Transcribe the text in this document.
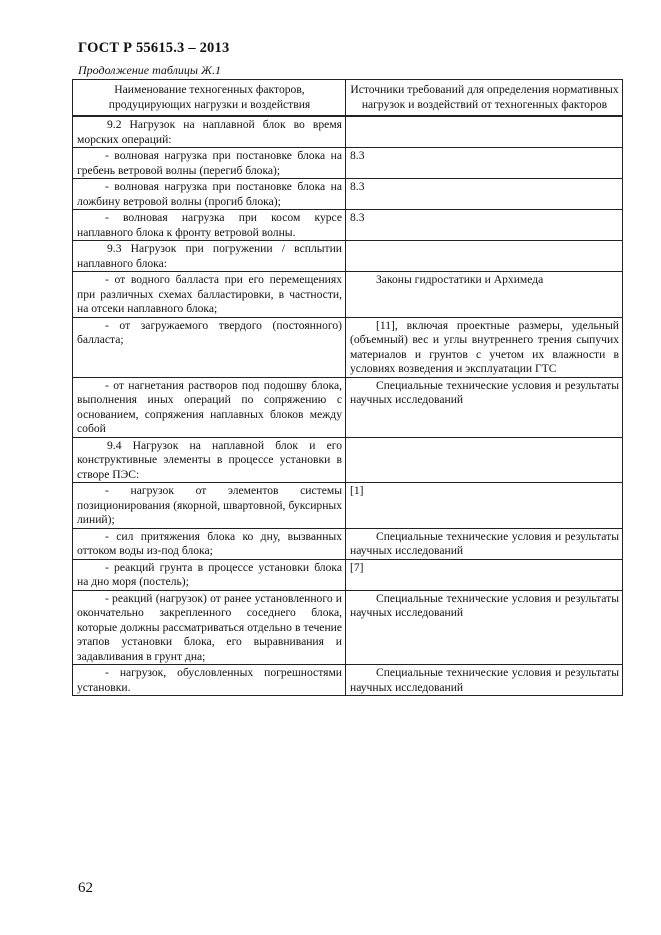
ГОСТ Р 55615.3 – 2013
Продолжение таблицы Ж.1
Наименование техногенных факторов, продуцирующих нагрузки и воздействия	Источники требований для определения нормативных нагрузок и воздействий от техногенных факторов
9.2 Нагрузок на наплавной блок во время морских операций:	
- волновая нагрузка при постановке блока на гребень ветровой волны (перегиб блока);	8.3
- волновая нагрузка при постановке блока на ложбину ветровой волны (прогиб блока);	8.3
- волновая нагрузка при косом курсе наплавного блока к фронту ветровой волны.	8.3
9.3 Нагрузок при погружении / всплытии наплавного блока:	
- от водного балласта при его перемещениях при различных схемах балластировки, в частности, на отсеки наплавного блока;	Законы гидростатики и Архимеда
- от загружаемого твердого (постоянного) балласта;	[11], включая проектные размеры, удельный (объемный) вес и углы внутреннего трения сыпучих материалов и грунтов с учетом их влажности в условиях возведения и эксплуатации ГТС
- от нагнетания растворов под подошву блока, выполнения иных операций по сопряжению с основанием, сопряжения наплавных блоков между собой	Специальные технические условия и результаты научных исследований
9.4 Нагрузок на наплавной блок и его конструктивные элементы в процессе установки в створе ПЭС:	
- нагрузок от элементов системы позиционирования (якорной, швартовной, буксирных линий);	[1]
- сил притяжения блока ко дну, вызванных оттоком воды из-под блока;	Специальные технические условия и результаты научных исследований
- реакций грунта в процессе установки блока на дно моря (постель);	[7]
- реакций (нагрузок) от ранее установленного и окончательно закрепленного соседнего блока, которые должны рассматриваться отдельно в течение этапов установки блока, его выравнивания и задавливания в грунт дна;	Специальные технические условия и результаты научных исследований
- нагрузок, обусловленных погрешностями установки.	Специальные технические условия и результаты научных исследований
62
